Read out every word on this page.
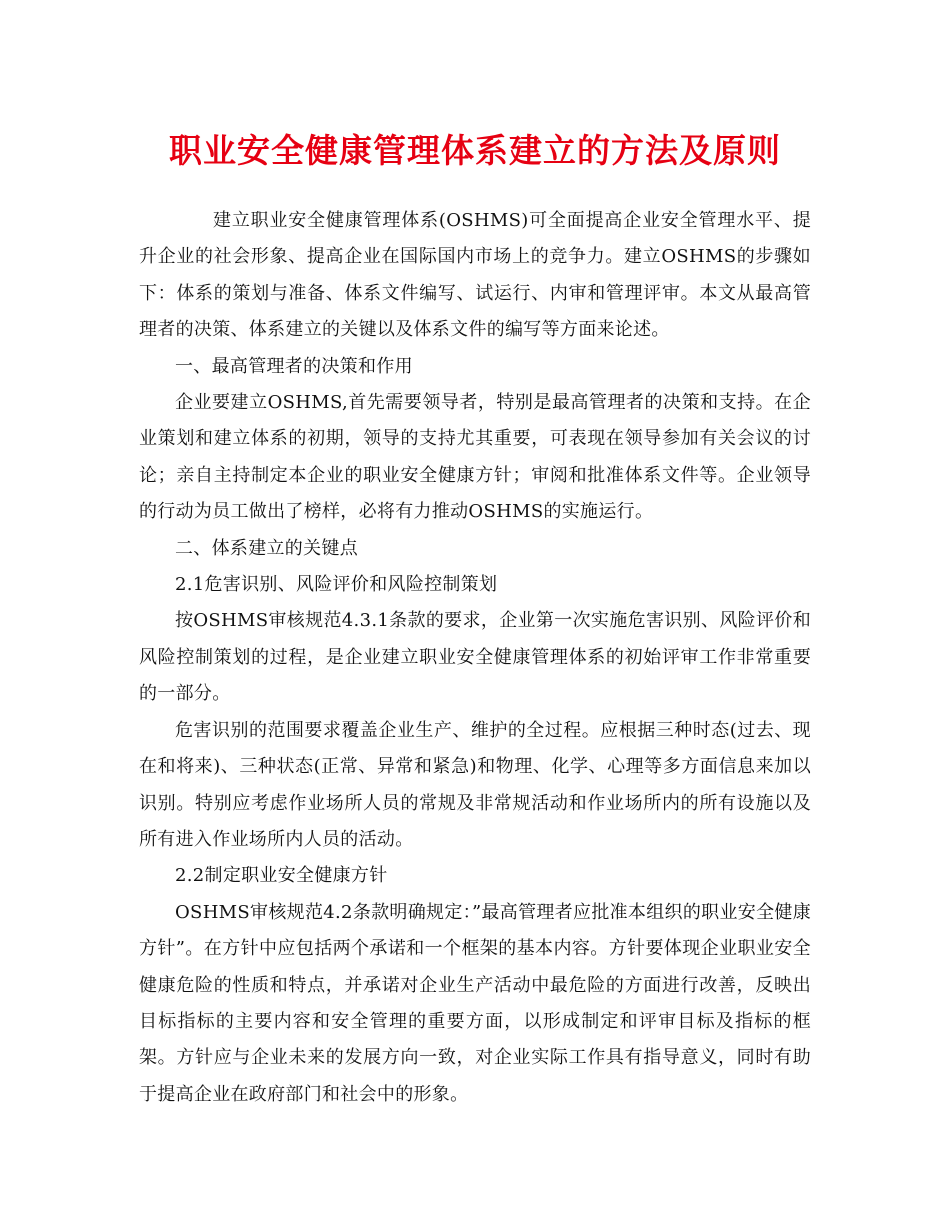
职业安全健康管理体系建立的方法及原则

建立职业安全健康管理体系(OSHMS)可全面提高企业安全管理水平、提升企业的社会形象、提高企业在国际国内市场上的竞争力。建立OSHMS的步骤如下：体系的策划与准备、体系文件编写、试运行、内审和管理评审。本文从最高管理者的决策、体系建立的关键以及体系文件的编写等方面来论述。

一、最高管理者的决策和作用

企业要建立OSHMS,首先需要领导者，特别是最高管理者的决策和支持。在企业策划和建立体系的初期，领导的支持尤其重要，可表现在领导参加有关会议的讨论；亲自主持制定本企业的职业安全健康方针；审阅和批准体系文件等。企业领导的行动为员工做出了榜样，必将有力推动OSHMS的实施运行。

二、体系建立的关键点

2.1危害识别、风险评价和风险控制策划

按OSHMS审核规范4.3.1条款的要求，企业第一次实施危害识别、风险评价和风险控制策划的过程，是企业建立职业安全健康管理体系的初始评审工作非常重要的一部分。

危害识别的范围要求覆盖企业生产、维护的全过程。应根据三种时态(过去、现在和将来)、三种状态(正常、异常和紧急)和物理、化学、心理等多方面信息来加以识别。特别应考虑作业场所人员的常规及非常规活动和作业场所内的所有设施以及所有进入作业场所内人员的活动。

2.2制定职业安全健康方针

OSHMS审核规范4.2条款明确规定：”最高管理者应批准本组织的职业安全健康方针”。在方针中应包括两个承诺和一个框架的基本内容。方针要体现企业职业安全健康危险的性质和特点，并承诺对企业生产活动中最危险的方面进行改善，反映出目标指标的主要内容和安全管理的重要方面，以形成制定和评审目标及指标的框架。方针应与企业未来的发展方向一致，对企业实际工作具有指导意义，同时有助于提高企业在政府部门和社会中的形象。
